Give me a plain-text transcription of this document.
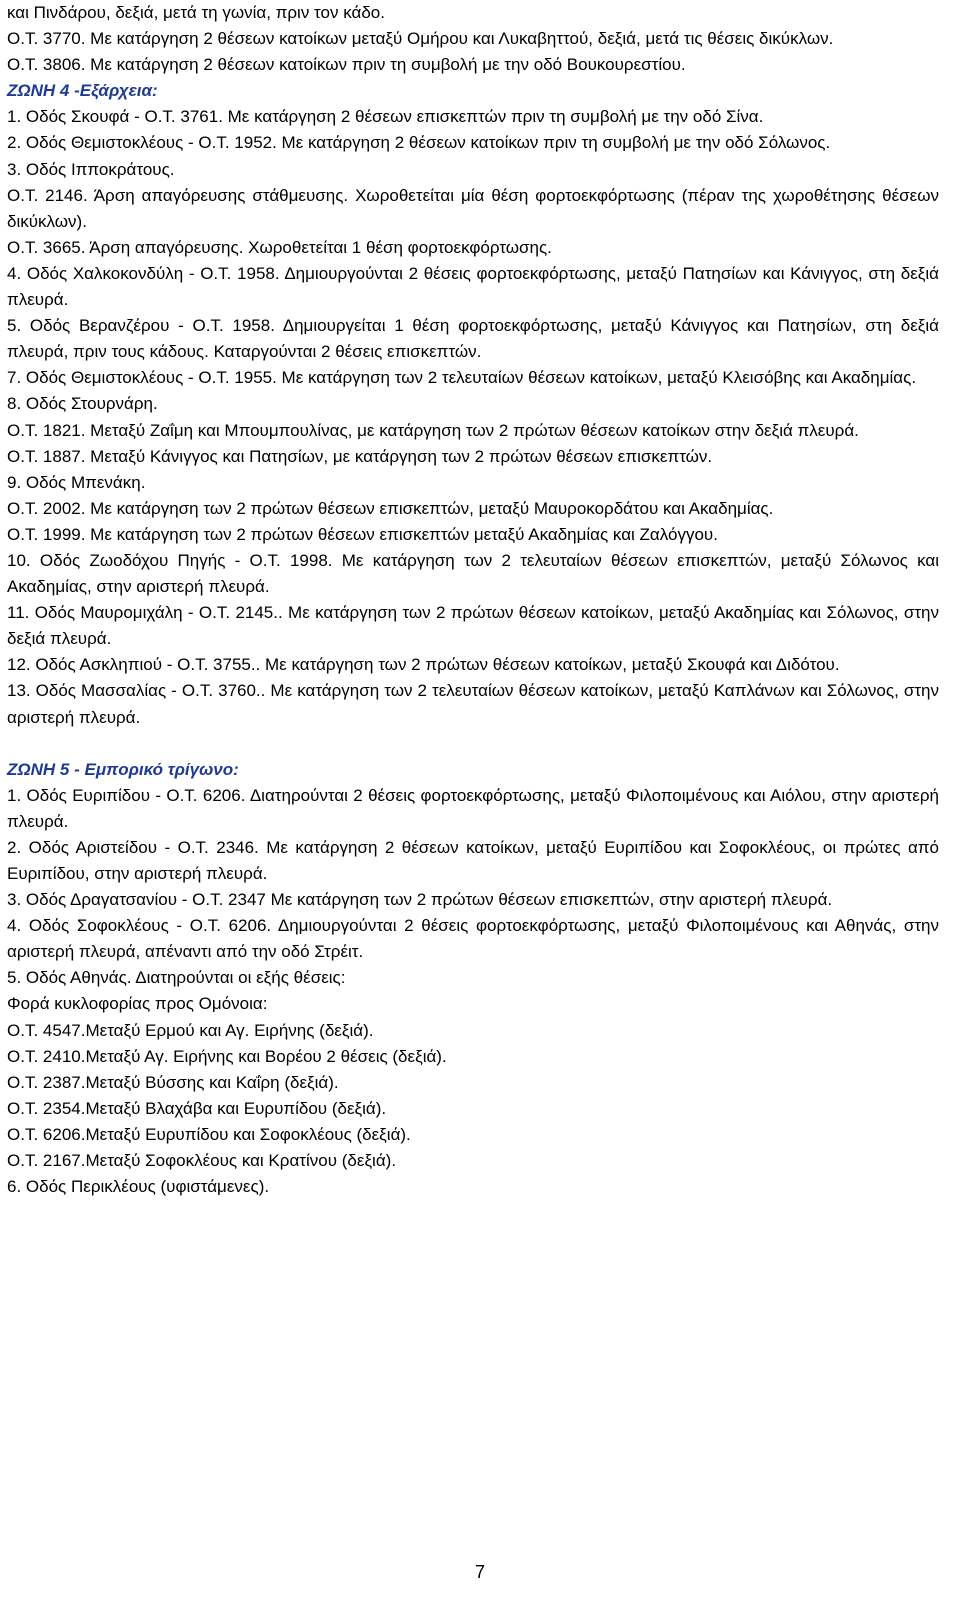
και Πινδάρου, δεξιά, μετά τη γωνία, πριν τον κάδο.

Ο.Τ. 3770. Με κατάργηση 2 θέσεων κατοίκων μεταξύ Ομήρου και Λυκαβηττού, δεξιά, μετά τις θέσεις δικύκλων.

Ο.Τ. 3806. Με κατάργηση 2 θέσεων κατοίκων πριν τη συμβολή με την οδό Βουκουρεστίου.

ΖΩΝΗ 4 -Εξάρχεια:

1. Οδός Σκουφά - Ο.Τ. 3761. Με κατάργηση 2 θέσεων επισκεπτών πριν τη συμβολή με την οδό Σίνα.

2. Οδός Θεμιστοκλέους - Ο.Τ. 1952. Με κατάργηση 2 θέσεων κατοίκων πριν τη συμβολή με την οδό Σόλωνος.

3. Οδός Ιπποκράτους.

Ο.Τ. 2146. Άρση απαγόρευσης στάθμευσης. Χωροθετείται μία θέση φορτοεκφόρτωσης (πέραν της χωροθέτησης θέσεων δικύκλων).

Ο.Τ. 3665. Άρση απαγόρευσης. Χωροθετείται 1 θέση φορτοεκφόρτωσης.

4. Οδός Χαλκοκονδύλη - Ο.Τ. 1958. Δημιουργούνται 2 θέσεις φορτοεκφόρτωσης, μεταξύ Πατησίων και Κάνιγγος, στη δεξιά πλευρά.

5. Οδός Βερανζέρου - Ο.Τ. 1958. Δημιουργείται 1 θέση φορτοεκφόρτωσης, μεταξύ Κάνιγγος και Πατησίων, στη δεξιά πλευρά, πριν τους κάδους. Καταργούνται 2 θέσεις επισκεπτών.

7. Οδός Θεμιστοκλέους - Ο.Τ. 1955. Με κατάργηση των 2 τελευταίων θέσεων κατοίκων, μεταξύ Κλεισόβης και Ακαδημίας.

8. Οδός Στουρνάρη.

Ο.Τ. 1821. Μεταξύ Ζαΐμη και Μπουμπουλίνας, με κατάργηση των 2 πρώτων θέσεων κατοίκων στην δεξιά πλευρά.

Ο.Τ. 1887. Μεταξύ Κάνιγγος και Πατησίων, με κατάργηση των 2 πρώτων θέσεων επισκεπτών.

9. Οδός Μπενάκη.

Ο.Τ. 2002. Με κατάργηση των 2 πρώτων θέσεων επισκεπτών, μεταξύ Μαυροκορδάτου και Ακαδημίας.

Ο.Τ. 1999. Με κατάργηση των 2 πρώτων θέσεων επισκεπτών μεταξύ Ακαδημίας και Ζαλόγγου.

10. Οδός Ζωοδόχου Πηγής - Ο.Τ. 1998. Με κατάργηση των 2 τελευταίων θέσεων επισκεπτών, μεταξύ Σόλωνος και Ακαδημίας, στην αριστερή πλευρά.

11. Οδός Μαυρομιχάλη - Ο.Τ. 2145.. Με κατάργηση των 2 πρώτων θέσεων κατοίκων, μεταξύ Ακαδημίας και Σόλωνος, στην δεξιά πλευρά.

12. Οδός Ασκληπιού - Ο.Τ. 3755.. Με κατάργηση των 2 πρώτων θέσεων κατοίκων, μεταξύ Σκουφά και Διδότου.

13. Οδός Μασσαλίας - Ο.Τ. 3760.. Με κατάργηση των 2 τελευταίων θέσεων κατοίκων, μεταξύ Καπλάνων και Σόλωνος, στην αριστερή πλευρά.

ΖΩΝΗ 5 - Εμπορικό τρίγωνο:

1. Οδός Ευριπίδου - Ο.Τ. 6206. Διατηρούνται 2 θέσεις φορτοεκφόρτωσης, μεταξύ Φιλοποιμένους και Αιόλου, στην αριστερή πλευρά.

2. Οδός Αριστείδου - Ο.Τ. 2346. Με κατάργηση 2 θέσεων κατοίκων, μεταξύ Ευριπίδου και Σοφοκλέους, οι πρώτες από Ευριπίδου, στην αριστερή πλευρά.

3. Οδός Δραγατσανίου - Ο.Τ. 2347 Με κατάργηση των 2 πρώτων θέσεων επισκεπτών, στην αριστερή πλευρά.

4. Οδός Σοφοκλέους - Ο.Τ. 6206. Δημιουργούνται 2 θέσεις φορτοεκφόρτωσης, μεταξύ Φιλοποιμένους και Αθηνάς, στην αριστερή πλευρά, απέναντι από την οδό Στρέιτ.

5. Οδός Αθηνάς. Διατηρούνται οι εξής θέσεις:

Φορά κυκλοφορίας προς Ομόνοια:

Ο.Τ. 4547.Μεταξύ Ερμού και Αγ. Ειρήνης (δεξιά).

Ο.Τ. 2410.Μεταξύ Αγ. Ειρήνης και Βορέου 2 θέσεις (δεξιά).

Ο.Τ. 2387.Μεταξύ Βύσσης και Καΐρη (δεξιά).

Ο.Τ. 2354.Μεταξύ Βλαχάβα και Ευρυπίδου (δεξιά).

Ο.Τ. 6206.Μεταξύ Ευρυπίδου και Σοφοκλέους (δεξιά).

Ο.Τ. 2167.Μεταξύ Σοφοκλέους και Κρατίνου (δεξιά).

6. Οδός Περικλέους (υφιστάμενες).

7
